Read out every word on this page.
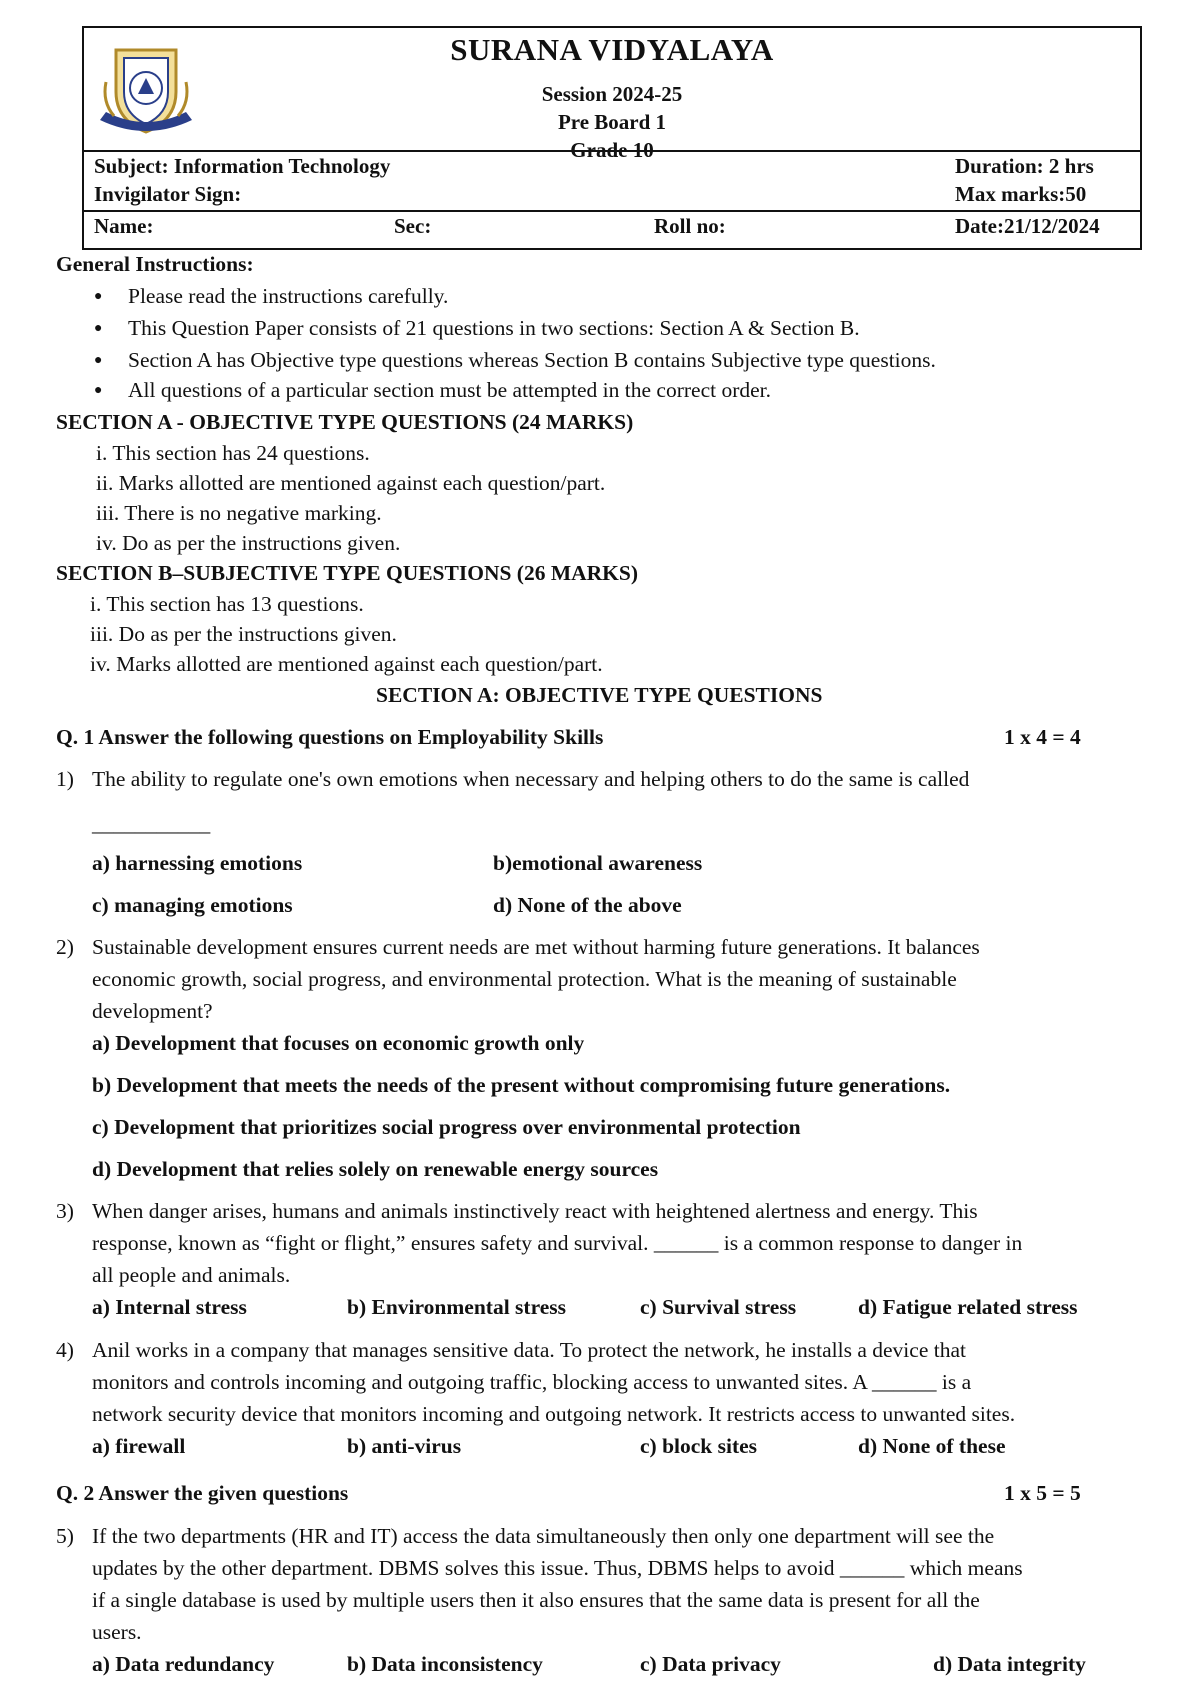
SURANA VIDYALAYA
Session 2024-25
Pre Board 1
Grade 10
Subject: Information Technology	Duration: 2 hrs
Invigilator Sign:	Max marks:50
Name:	Sec:	Roll no:	Date:21/12/2024
General Instructions:
● Please read the instructions carefully.
● This Question Paper consists of 21 questions in two sections: Section A & Section B.
● Section A has Objective type questions whereas Section B contains Subjective type questions.
● All questions of a particular section must be attempted in the correct order.
SECTION A - OBJECTIVE TYPE QUESTIONS (24 MARKS)
i. This section has 24 questions.
ii. Marks allotted are mentioned against each question/part.
iii. There is no negative marking.
iv. Do as per the instructions given.
SECTION B–SUBJECTIVE TYPE QUESTIONS (26 MARKS)
i. This section has 13 questions.
iii. Do as per the instructions given.
iv. Marks allotted are mentioned against each question/part.
SECTION A: OBJECTIVE TYPE QUESTIONS
Q. 1 Answer the following questions on Employability Skills	1 x 4 = 4
1) The ability to regulate one's own emotions when necessary and helping others to do the same is called
___________
a) harnessing emotions	b)emotional awareness
c) managing emotions	d) None of the above
2) Sustainable development ensures current needs are met without harming future generations. It balances
economic growth, social progress, and environmental protection. What is the meaning of sustainable
development?
a) Development that focuses on economic growth only
b) Development that meets the needs of the present without compromising future generations.
c) Development that prioritizes social progress over environmental protection
d) Development that relies solely on renewable energy sources
3) When danger arises, humans and animals instinctively react with heightened alertness and energy. This
response, known as “fight or flight,” ensures safety and survival. ______ is a common response to danger in
all people and animals.
a) Internal stress	b) Environmental stress	c) Survival stress	d) Fatigue related stress
4) Anil works in a company that manages sensitive data. To protect the network, he installs a device that
monitors and controls incoming and outgoing traffic, blocking access to unwanted sites. A ______ is a
network security device that monitors incoming and outgoing network. It restricts access to unwanted sites.
a) firewall	b) anti-virus	c) block sites	d) None of these
Q. 2 Answer the given questions	1 x 5 = 5
5) If the two departments (HR and IT) access the data simultaneously then only one department will see the
updates by the other department. DBMS solves this issue. Thus, DBMS helps to avoid ______ which means
if a single database is used by multiple users then it also ensures that the same data is present for all the
users.
a) Data redundancy	b) Data inconsistency	c) Data privacy	d) Data integrity
